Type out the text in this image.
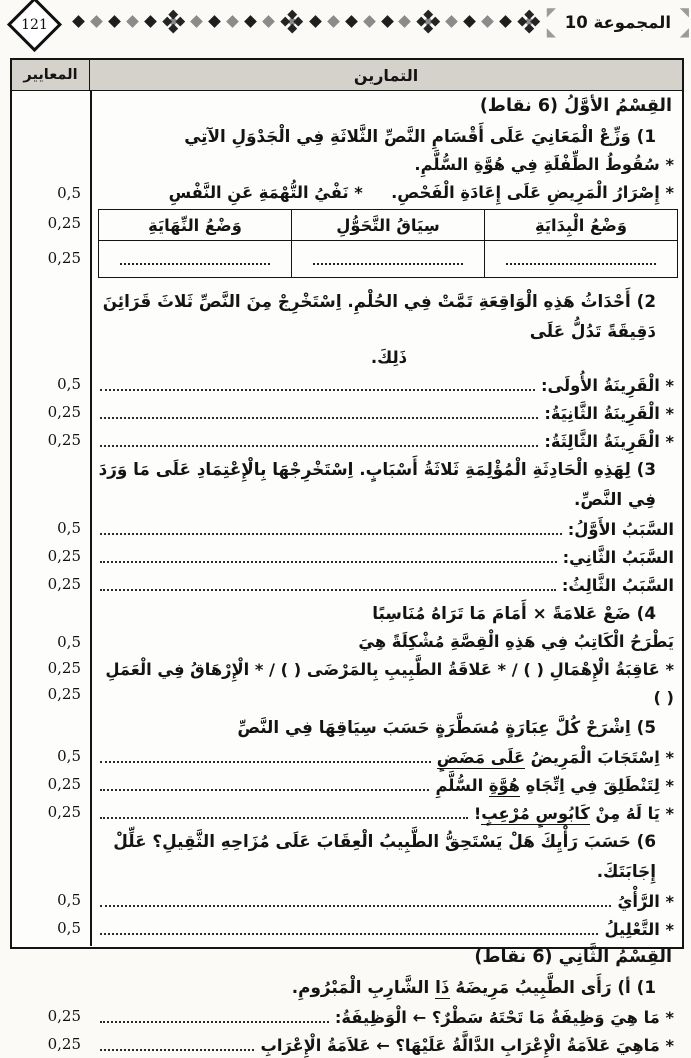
121
◤	◥
◣	◢
المجموعة 10
المعايير	التمارين
القِسْمُ الأوَّلُ (6 نقاط)
1) وَزِّعْ الْمَعَانِيَ عَلَى أَقْسَامِ النَّصِّ الثَّلاثَةِ فِي الْجَدْوَلِ الآتِي
* سُقُوطُ الطِّفْلَةِ فِي هُوَّةِ السُّلَّمِ.
0,5	* إِصْرَارُ الْمَرِيضِ عَلَى إِعَادَةِ الْفَحْصِ.     * نَفْيُ التُّهْمَةِ عَنِ النَّفْسِ
0,25
0,25
وَضْعُ الْبِدَايَةِ	سِيَاقُ التَّحَوُّلِ	وَضْعُ النِّهَايَةِ

2) أَحْدَاثُ هَذِهِ الْوَاقِعَةِ تَمَّتْ فِي الحُلْمِ. اِسْتَخْرِجْ مِنَ النَّصِّ ثَلاثَ قَرَائِنَ دَقِيقَةً تَدُلُّ عَلَى
ذَلِكَ.
0,5	* الْقَرِينَةُ الأُولَى:
0,25	* الْقَرِينَةُ الثَّانِيَةُ:
0,25	* الْقَرِينَةُ الثَّالِثَةُ:
3) لِهَذِهِ الْحَادِثَةِ الْمُؤْلِمَةِ ثَلاثَةُ أَسْبَابٍ. اِسْتَخْرِجْهَا بِالْإِعْتِمَادِ عَلَى مَا وَرَدَ فِي النَّصِّ.
0,5	السَّبَبُ الأَوَّلُ:
0,25	السَّبَبُ الثَّانِي:
0,25	السَّبَبُ الثَّالِثُ:
4) ضَعْ عَلامَةً × أَمَامَ مَا تَرَاهُ مُنَاسِبًا
0,5	يَطْرَحُ الْكَاتِبُ فِي هَذِهِ الْقِصَّةِ مُشْكِلَةً هِيَ
0,25
0,25
* عَاقِبَةُ الْإِهْمَالِ ( ) / * عَلاقَةُ الطَّبِيبِ بِالمَرْضَى ( ) / * الْإِرْهَاقُ فِي الْعَمَلِ ( )
5) اِشْرَحْ كُلَّ عِبَارَةٍ مُسَطَّرَةٍ حَسَبَ سِيَاقِهَا فِي النَّصِّ
0,5	* اِسْتَجَابَ الْمَرِيضُ عَلَى مَضَضٍ
0,25	* لِتَنْطَلِقَ فِي اِتِّجَاهِ هُوَّةِ السُّلَّمِ
0,25	* يَا لَهُ مِنْ كَابُوسٍ مُرْعِبٍ!
6) حَسَبَ رَأْيِكَ هَلْ يَسْتَحِقُّ الطَّبِيبُ الْعِقَابَ عَلَى مُزَاحِهِ الثَّقِيلِ؟ عَلِّلْ إِجَابَتَكَ.
0,5	* الرَّأْيُ
0,5	* التَّعْلِيلُ
القِسْمُ الثَّانِي (6 نقاط)
1) أ) رَأَى الطَّبِيبُ مَرِيضَهُ ذَا الشَّارِبِ الْمَبْرُومِ.
0,25	* مَا هِيَ وَظِيفَةُ مَا تَحْتَهُ سَطْرٌ؟ ← الْوَظِيفَةُ:
0,25	* مَاهِيَ عَلاَمَةُ الْإِعْرَابِ الدَّالَّةُ عَلَيْهَا؟ ← عَلاَمَةُ الْإِعْرَابِ
